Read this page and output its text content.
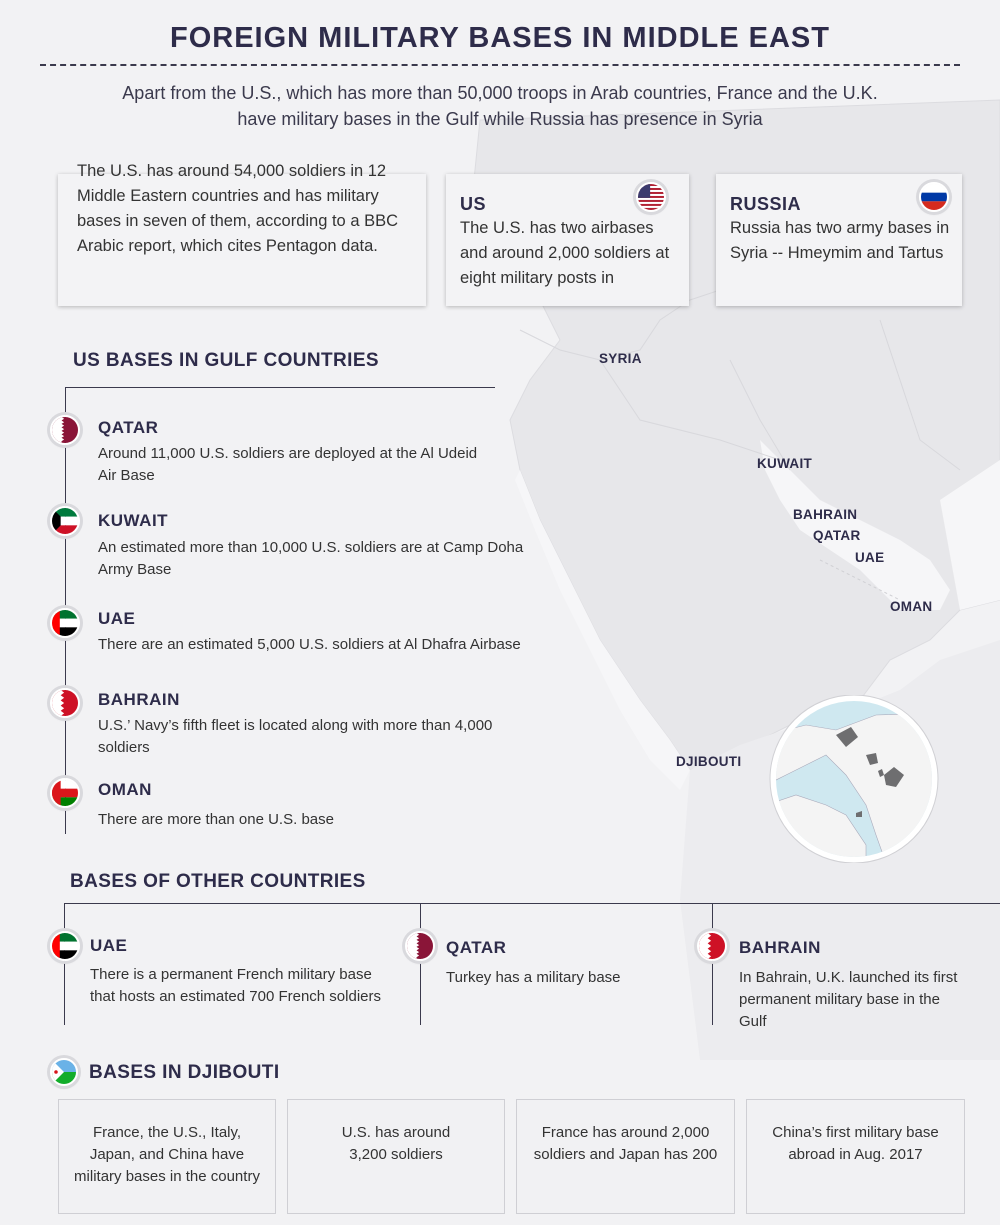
FOREIGN MILITARY BASES IN MIDDLE EAST
Apart from the U.S., which has more than 50,000 troops in Arab countries, France and the U.K.
have military bases in the Gulf while Russia has presence in Syria
The U.S. has around 54,000 soldiers in 12 Middle Eastern countries and has military bases in seven of them, according to a BBC Arabic report, which cites Pentagon data.
US
The U.S. has two airbases and around 2,000 soldiers at eight military posts in
RUSSIA
Russia has two army bases in Syria -- Hmeymim and Tartus
US BASES IN GULF COUNTRIES
QATAR
Around 11,000 U.S. soldiers are deployed at the Al Udeid Air Base
KUWAIT
An estimated more than 10,000 U.S. soldiers are at Camp Doha Army Base
UAE
There are an estimated 5,000 U.S. soldiers at Al Dhafra Airbase
BAHRAIN
U.S.’ Navy’s fifth fleet is located along with more than 4,000 soldiers
OMAN
There are more than one U.S. base
SYRIA
KUWAIT
BAHRAIN
QATAR
UAE
OMAN
DJIBOUTI
BASES OF OTHER COUNTRIES
UAE
There is a permanent French military base that hosts an estimated 700 French soldiers
QATAR
Turkey has a military base
BAHRAIN
In Bahrain, U.K. launched its first permanent military base in the Gulf
BASES IN DJIBOUTI
France, the U.S., Italy, Japan, and China have military bases in the country
U.S. has around 3,200 soldiers
France has around 2,000 soldiers and Japan has 200
China’s first military base abroad in Aug. 2017
